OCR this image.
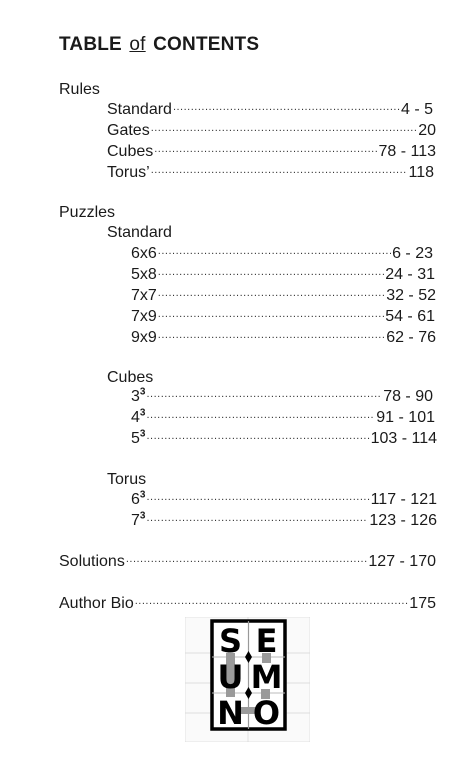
TABLE of CONTENTS
Rules
Standard .....	4 - 5
Gates .....	20
Cubes .....	78 - 113
Torus’ .....	118
Puzzles
Standard
6x6 .....	6 - 23
5x8 .....	24 - 31
7x7 .....	32 - 52
7x9 .....	54 - 61
9x9 .....	62 - 76
Cubes
$3^3$ .....	78 - 90
$4^3$ .....	91 - 101
$5^3$ .....	103 - 114
Torus
$6^3$ .....	117 - 121
$7^3$ .....	123 - 126
Solutions .....	127 - 170
Author Bio .....	175
S E
U M
N O
